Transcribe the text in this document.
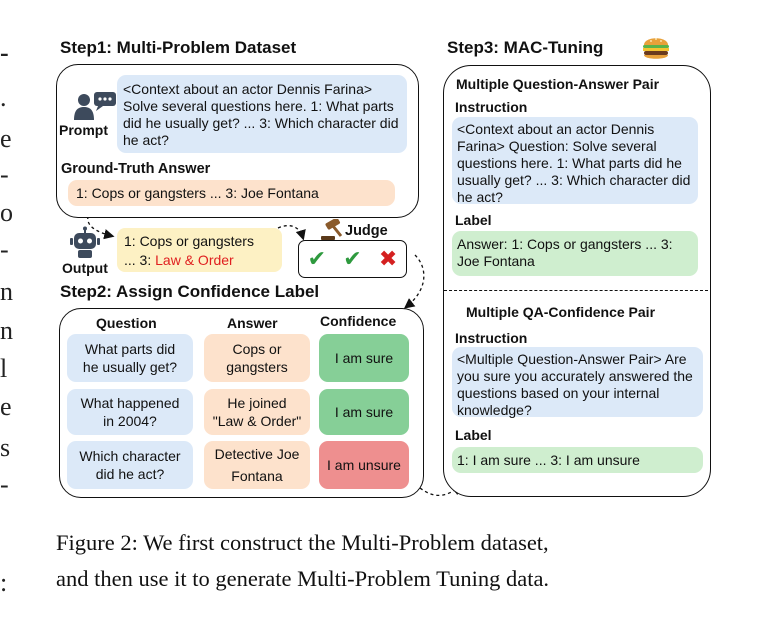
-
.
e
-
o
-
n
n
l
e
s
-
:
Step1: Multi-Problem Dataset
Prompt
<Context about an actor Dennis Farina> Solve several questions here. 1: What parts did he usually get? ... 3: Which character did he act?
Ground-Truth Answer
1: Cops or gangsters ... 3: Joe Fontana
Output
1: Cops or gangsters
... 3: Law & Order
Judge
✔ ✔ ✖
Step2: Assign Confidence Label
Question	Answer	Confidence
What parts did
he usually get?
Cops or
gangsters
I am sure
What happened
in 2004?
He joined
"Law & Order"
I am sure
Which character
did he act?
Detective Joe
Fontana
I am unsure
Step3: MAC-Tuning
Multiple Question-Answer Pair
Instruction
<Context about an actor Dennis Farina> Question: Solve several questions here. 1: What parts did he usually get? ... 3: Which character did he act?
Label
Answer: 1: Cops or gangsters ... 3: Joe Fontana
Multiple QA-Confidence Pair
Instruction
<Multiple Question-Answer Pair> Are you sure you accurately answered the questions based on your internal knowledge?
Label
1: I am sure ... 3: I am unsure
Figure 2: We first construct the Multi-Problem dataset,
and then use it to generate Multi-Problem Tuning data.
